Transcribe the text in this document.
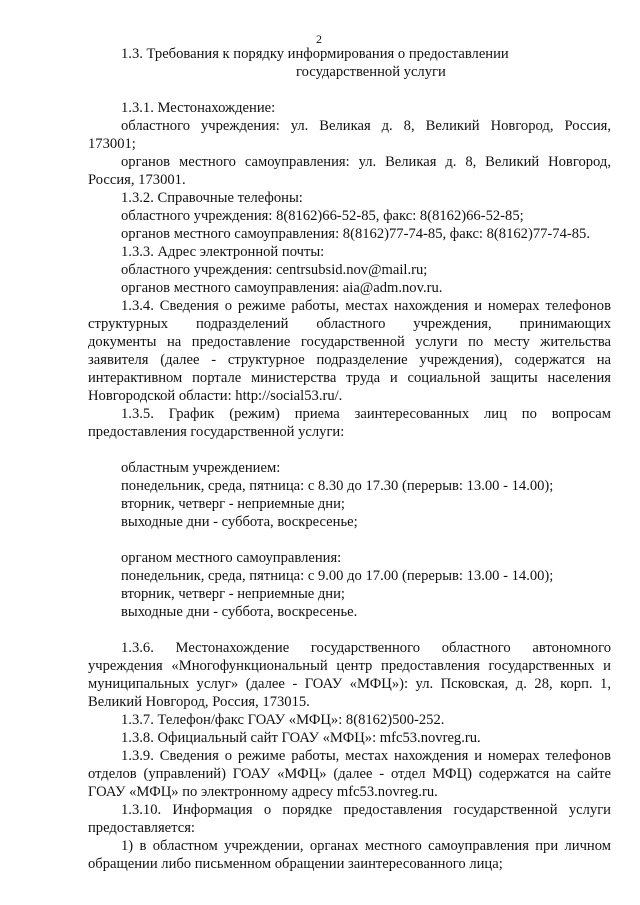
2
1.3. Требования к порядку информирования о предоставлении
государственной услуги
1.3.1. Местонахождение:
областного учреждения: ул. Великая д. 8, Великий Новгород, Россия,
173001;
органов местного самоуправления: ул. Великая д. 8, Великий Новгород,
Россия, 173001.
1.3.2. Справочные телефоны:
областного учреждения: 8(8162)66-52-85, факс: 8(8162)66-52-85;
органов местного самоуправления: 8(8162)77-74-85, факс: 8(8162)77-74-85.
1.3.3. Адрес электронной почты:
областного учреждения: centrsubsid.nov@mail.ru;
органов местного самоуправления: aia@adm.nov.ru.
1.3.4. Сведения о режиме работы, местах нахождения и номерах телефонов
структурных подразделений областного учреждения, принимающих
документы на предоставление государственной услуги по месту жительства
заявителя (далее - структурное подразделение учреждения), содержатся на
интерактивном портале министерства труда и социальной защиты населения
Новгородской области: http://social53.ru/.
1.3.5. График (режим) приема заинтересованных лиц по вопросам
предоставления государственной услуги:
областным учреждением:
понедельник, среда, пятница: с 8.30 до 17.30 (перерыв: 13.00 - 14.00);
вторник, четверг - неприемные дни;
выходные дни - суббота, воскресенье;
органом местного самоуправления:
понедельник, среда, пятница: с 9.00 до 17.00 (перерыв: 13.00 - 14.00);
вторник, четверг - неприемные дни;
выходные дни - суббота, воскресенье.
1.3.6. Местонахождение государственного областного автономного
учреждения «Многофункциональный центр предоставления государственных и
муниципальных услуг» (далее - ГОАУ «МФЦ»): ул. Псковская, д. 28, корп. 1,
Великий Новгород, Россия, 173015.
1.3.7. Телефон/факс ГОАУ «МФЦ»: 8(8162)500-252.
1.3.8. Официальный сайт ГОАУ «МФЦ»: mfc53.novreg.ru.
1.3.9. Сведения о режиме работы, местах нахождения и номерах телефонов
отделов (управлений) ГОАУ «МФЦ» (далее - отдел МФЦ) содержатся на сайте
ГОАУ «МФЦ» по электронному адресу mfc53.novreg.ru.
1.3.10. Информация о порядке предоставления государственной услуги
предоставляется:
1) в областном учреждении, органах местного самоуправления при личном
обращении либо письменном обращении заинтересованного лица;
